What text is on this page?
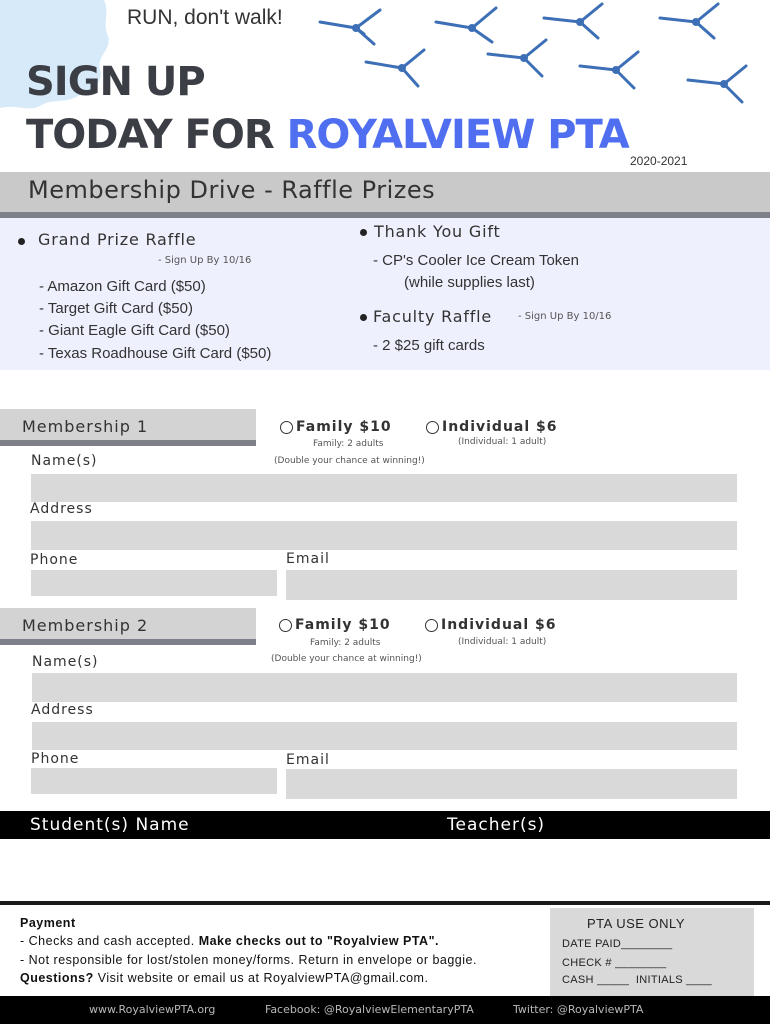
RUN, don't walk!
SIGN UP
TODAY FOR ROYALVIEW PTA
2020-2021
Membership Drive - Raffle Prizes
Grand Prize Raffle
- Sign Up By 10/16
- Amazon Gift Card ($50)
- Target Gift Card ($50)
- Giant Eagle Gift Card ($50)
- Texas Roadhouse Gift Card ($50)
Thank You Gift
- CP's Cooler Ice Cream Token
(while supplies last)
Faculty Raffle	- Sign Up By 10/16
- 2 $25 gift cards
Membership 1	Family $10
Family: 2 adults
(Double your chance at winning!)
Individual $6
(Individual: 1 adult)
Name(s)
Address
Phone	Email
Membership 2	Family $10
Family: 2 adults
(Double your chance at winning!)
Individual $6
(Individual: 1 adult)
Name(s)
Address
Phone	Email
Student(s) Name	Teacher(s)
Payment
- Checks and cash accepted. Make checks out to "Royalview PTA".
- Not responsible for lost/stolen money/forms. Return in envelope or baggie.
Questions? Visit website or email us at RoyalviewPTA@gmail.com.
PTA USE ONLY
DATE PAID________
CHECK # ________
CASH _____  INITIALS ____
www.RoyalviewPTA.org	Facebook: @RoyalviewElementaryPTA	Twitter: @RoyalviewPTA
